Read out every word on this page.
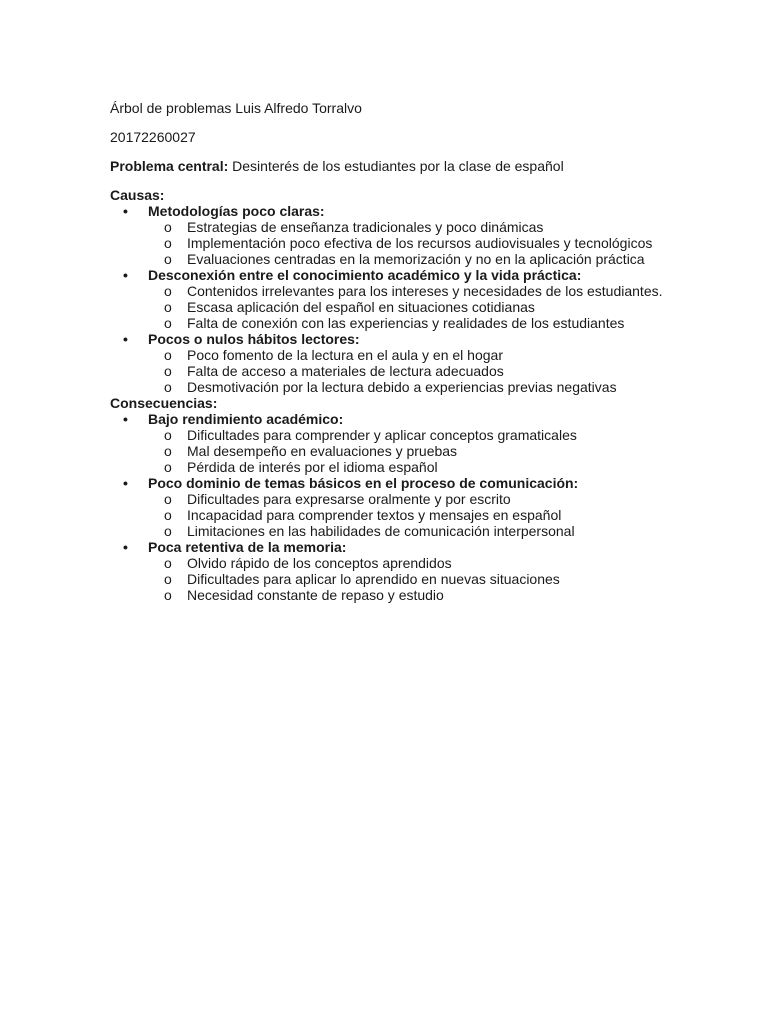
Árbol de problemas Luis Alfredo Torralvo
20172260027
Problema central: Desinterés de los estudiantes por la clase de español
Causas:
• Metodologías poco claras:
o Estrategias de enseñanza tradicionales y poco dinámicas
o Implementación poco efectiva de los recursos audiovisuales y tecnológicos
o Evaluaciones centradas en la memorización y no en la aplicación práctica
• Desconexión entre el conocimiento académico y la vida práctica:
o Contenidos irrelevantes para los intereses y necesidades de los estudiantes.
o Escasa aplicación del español en situaciones cotidianas
o Falta de conexión con las experiencias y realidades de los estudiantes
• Pocos o nulos hábitos lectores:
o Poco fomento de la lectura en el aula y en el hogar
o Falta de acceso a materiales de lectura adecuados
o Desmotivación por la lectura debido a experiencias previas negativas
Consecuencias:
• Bajo rendimiento académico:
o Dificultades para comprender y aplicar conceptos gramaticales
o Mal desempeño en evaluaciones y pruebas
o Pérdida de interés por el idioma español
• Poco dominio de temas básicos en el proceso de comunicación:
o Dificultades para expresarse oralmente y por escrito
o Incapacidad para comprender textos y mensajes en español
o Limitaciones en las habilidades de comunicación interpersonal
• Poca retentiva de la memoria:
o Olvido rápido de los conceptos aprendidos
o Dificultades para aplicar lo aprendido en nuevas situaciones
o Necesidad constante de repaso y estudio
